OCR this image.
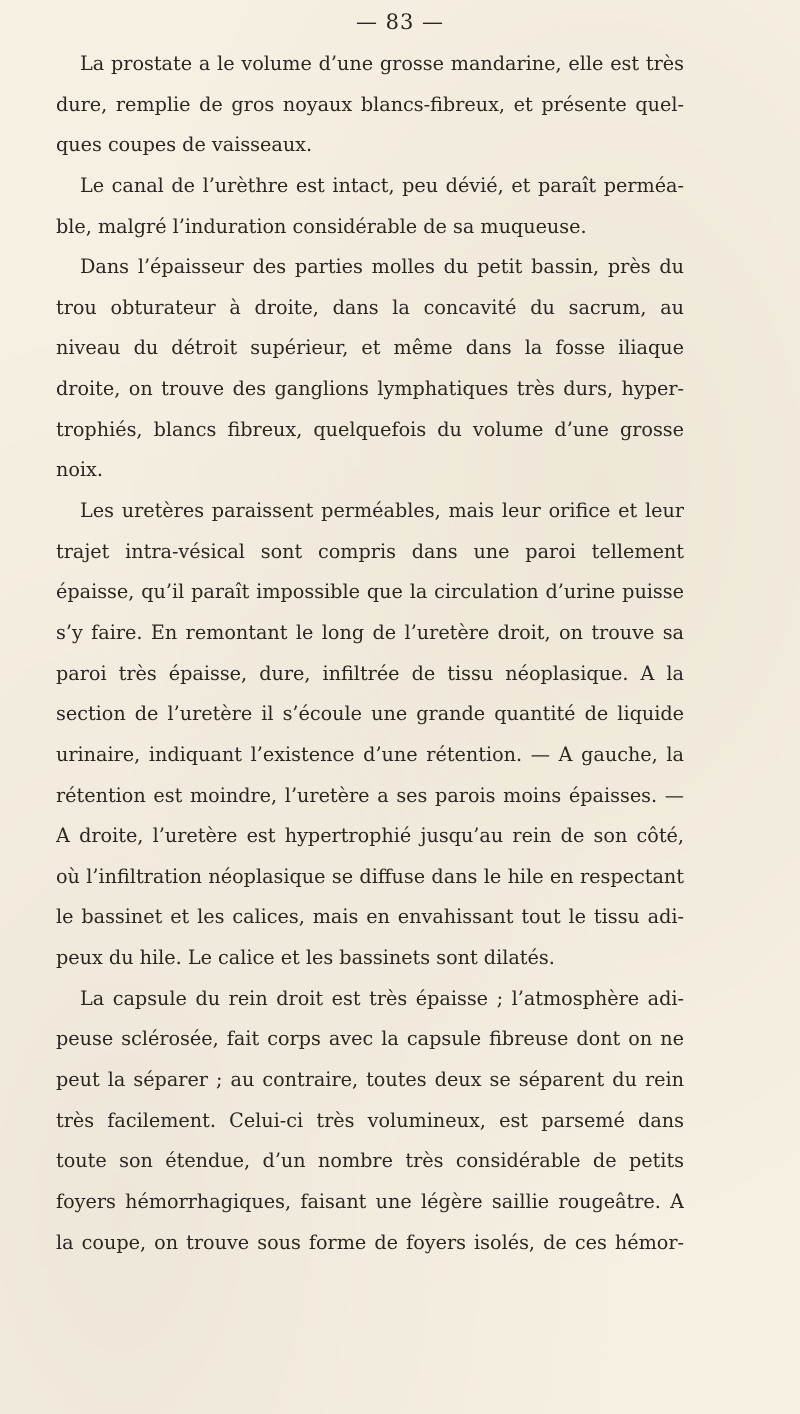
— 83 —
La prostate a le volume d’une grosse mandarine, elle est très
dure, remplie de gros noyaux blancs-fibreux, et présente quel-
ques coupes de vaisseaux.
Le canal de l’urèthre est intact, peu dévié, et paraît perméa-
ble, malgré l’induration considérable de sa muqueuse.
Dans l’épaisseur des parties molles du petit bassin, près du
trou obturateur à droite, dans la concavité du sacrum, au
niveau du détroit supérieur, et même dans la fosse iliaque
droite, on trouve des ganglions lymphatiques très durs, hyper-
trophiés, blancs fibreux, quelquefois du volume d’une grosse
noix.
Les uretères paraissent perméables, mais leur orifice et leur
trajet intra-vésical sont compris dans une paroi tellement
épaisse, qu’il paraît impossible que la circulation d’urine puisse
s’y faire. En remontant le long de l’uretère droit, on trouve sa
paroi très épaisse, dure, infiltrée de tissu néoplasique. A la
section de l’uretère il s’écoule une grande quantité de liquide
urinaire, indiquant l’existence d’une rétention. — A gauche, la
rétention est moindre, l’uretère a ses parois moins épaisses. —
A droite, l’uretère est hypertrophié jusqu’au rein de son côté,
où l’infiltration néoplasique se diffuse dans le hile en respectant
le bassinet et les calices, mais en envahissant tout le tissu adi-
peux du hile. Le calice et les bassinets sont dilatés.
La capsule du rein droit est très épaisse ; l’atmosphère adi-
peuse sclérosée, fait corps avec la capsule fibreuse dont on ne
peut la séparer ; au contraire, toutes deux se séparent du rein
très facilement. Celui-ci très volumineux, est parsemé dans
toute son étendue, d’un nombre très considérable de petits
foyers hémorrhagiques, faisant une légère saillie rougeâtre. A
la coupe, on trouve sous forme de foyers isolés, de ces hémor-
